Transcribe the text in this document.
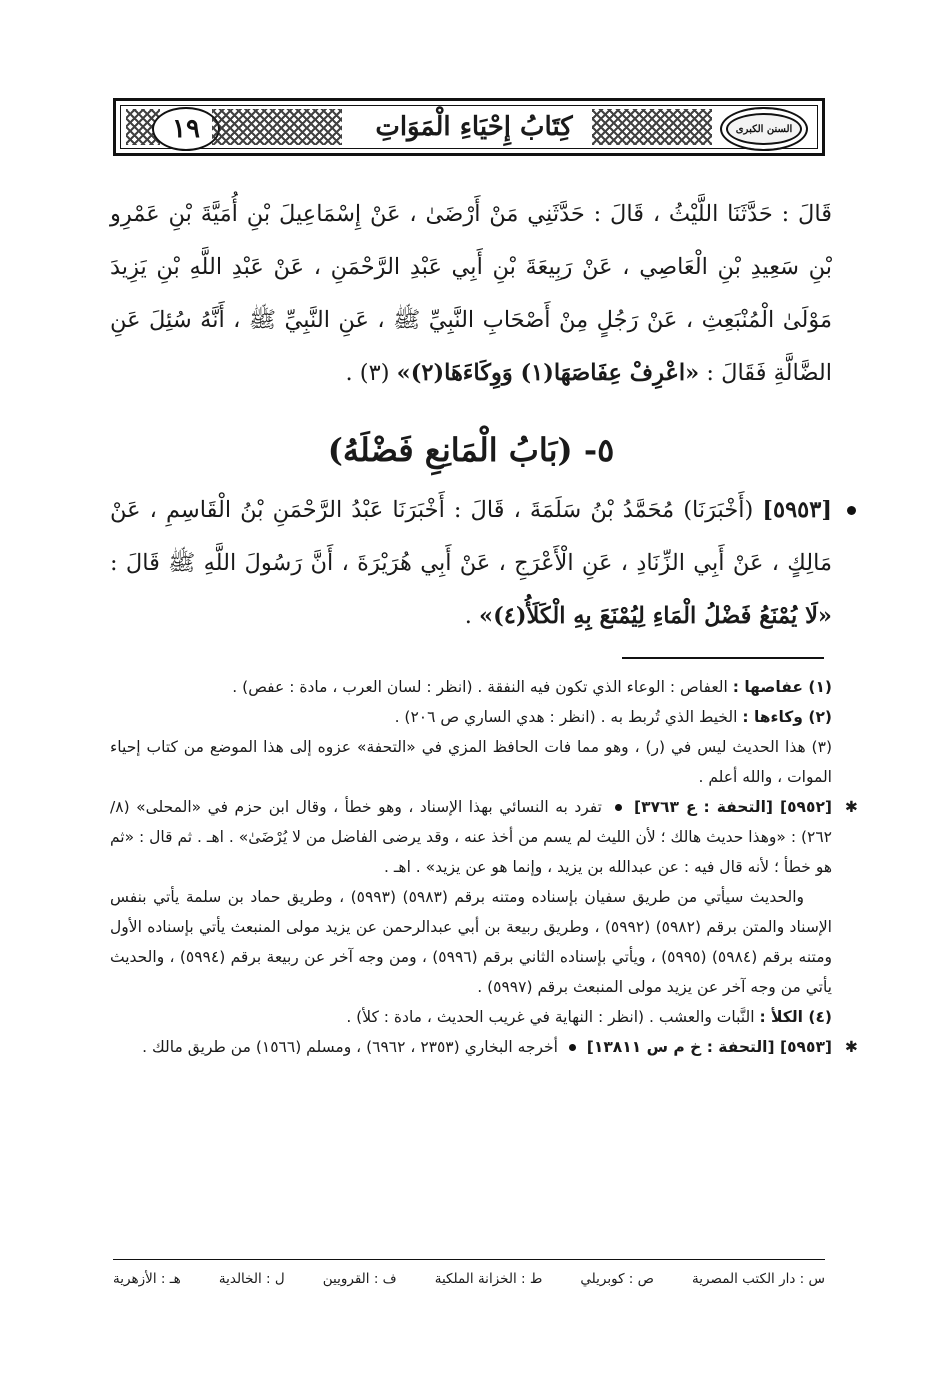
١٩	كِتَابُ إِحْيَاءِ الْمَوَاتِ	السنن الكبرى
قَالَ : حَدَّثَنَا اللَّيْثُ ، قَالَ : حَدَّثَنِي مَنْ أَرْضَىٰ ، عَنْ إِسْمَاعِيلَ بْنِ أُمَيَّةَ بْنِ عَمْرِو بْنِ سَعِيدِ بْنِ الْعَاصِي ، عَنْ رَبِيعَةَ بْنِ أَبِي عَبْدِ الرَّحْمَنِ ، عَنْ عَبْدِ اللَّهِ بْنِ يَزِيدَ مَوْلَىٰ الْمُنْبَعِثِ ، عَنْ رَجُلٍ مِنْ أَصْحَابِ النَّبِيِّ ﷺ ، عَنِ النَّبِيِّ ﷺ ، أَنَّهُ سُئِلَ عَنِ الضَّالَّةِ فَقَالَ : «اعْرِفْ عِفَاصَهَا(١) وَوِكَاءَهَا(٢)» (٣) .
٥- (بَابُ الْمَانِعِ فَضْلَهُ)
[٥٩٥٣] (أَخْبَرَنَا) مُحَمَّدُ بْنُ سَلَمَةَ ، قَالَ : أَخْبَرَنَا عَبْدُ الرَّحْمَنِ بْنُ الْقَاسِمِ ، عَنْ مَالِكٍ ، عَنْ أَبِي الزِّنَادِ ، عَنِ الْأَعْرَجِ ، عَنْ أَبِي هُرَيْرَةَ ، أَنَّ رَسُولَ اللَّهِ ﷺ قَالَ : «لَا يُمْنَعُ فَضْلُ الْمَاءِ لِيُمْنَعَ بِهِ الْكَلَأُ(٤)» .

(١) عفاصها : العفاص : الوعاء الذي تكون فيه النفقة . (انظر : لسان العرب ، مادة : عفص) .

(٢) وكاءها : الخيط الذي تُربط به . (انظر : هدي الساري ص ٢٠٦) .

(٣) هذا الحديث ليس في (ر) ، وهو مما فات الحافظ المزي في «التحفة» عزوه إلى هذا الموضع من كتاب إحياء الموات ، والله أعلم .

✱
[٥٩٥٢] [التحفة : ع ٣٧٦٣]  تفرد به النسائي بهذا الإسناد ، وهو خطأ ، وقال ابن حزم في «المحلى» (٨/ ٢٦٢) : «وهذا حديث هالك ؛ لأن الليث لم يسم من أخذ عنه ، وقد يرضى الفاضل من لا يُرْضَىٰ» . اهـ . ثم قال : «ثم هو خطأ ؛ لأنه قال فيه : عن عبدالله بن يزيد ، وإنما هو عن يزيد» . اهـ .

والحديث سيأتي من طريق سفيان بإسناده ومتنه برقم (٥٩٨٣) (٥٩٩٣) ، وطريق حماد بن سلمة يأتي بنفس الإسناد والمتن برقم (٥٩٨٢) (٥٩٩٢) ، وطريق ربيعة بن أبي عبدالرحمن عن يزيد مولى المنبعث يأتي بإسناده الأول ومتنه برقم (٥٩٨٤) (٥٩٩٥) ، ويأتي بإسناده الثاني برقم (٥٩٩٦) ، ومن وجه آخر عن ربيعة برقم (٥٩٩٤) ، والحديث يأتي من وجه آخر عن يزيد مولى المنبعث برقم (٥٩٩٧) .

(٤) الكلأ : النَّبات والعشب . (انظر : النهاية في غريب الحديث ، مادة : كلأ) .

✱
[٥٩٥٣] [التحفة : خ م س ١٣٨١١]  أخرجه البخاري (٢٣٥٣ ، ٦٩٦٢) ، ومسلم (١٥٦٦) من طريق مالك .

س : دار الكتب المصرية
ص : كوبريلي
ط : الخزانة الملكية
ف : القرويين
ل : الخالدية
هـ : الأزهرية
